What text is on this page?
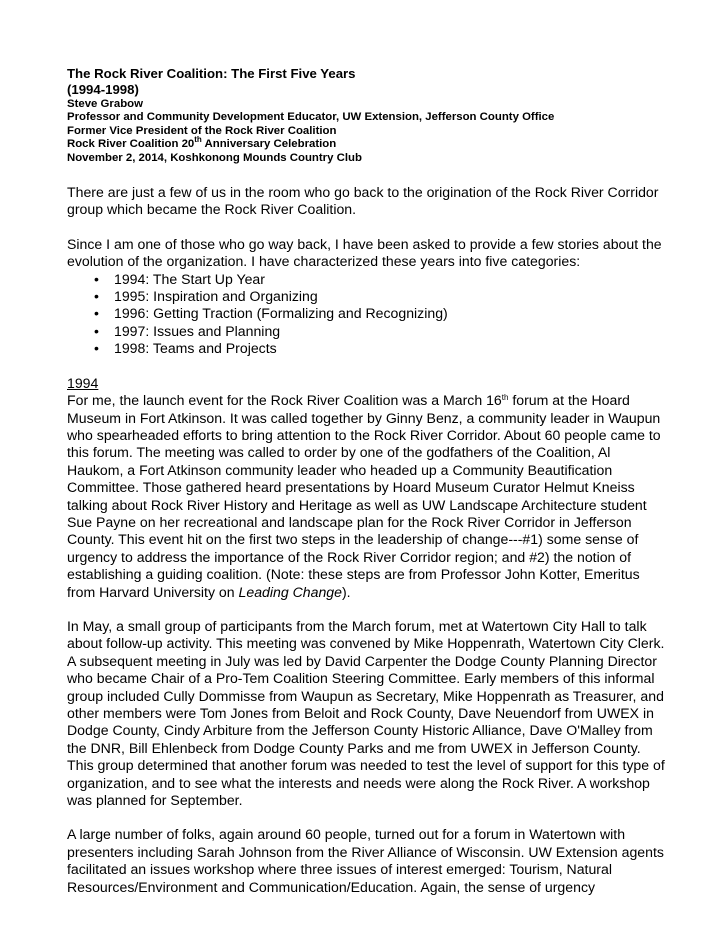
The Rock River Coalition: The First Five Years
(1994-1998)
Steve Grabow
Professor and Community Development Educator, UW Extension, Jefferson County Office
Former Vice President of the Rock River Coalition
Rock River Coalition 20th Anniversary Celebration
November 2, 2014, Koshkonong Mounds Country Club

There are just a few of us in the room who go back to the origination of the Rock River Corridor group which became the Rock River Coalition.

Since I am one of those who go way back, I have been asked to provide a few stories about the evolution of the organization. I have characterized these years into five categories:

• 1994: The Start Up Year
• 1995: Inspiration and Organizing
• 1996: Getting Traction (Formalizing and Recognizing)
• 1997: Issues and Planning
• 1998: Teams and Projects

1994
For me, the launch event for the Rock River Coalition was a March 16th forum at the Hoard Museum in Fort Atkinson. It was called together by Ginny Benz, a community leader in Waupun who spearheaded efforts to bring attention to the Rock River Corridor. About 60 people came to this forum. The meeting was called to order by one of the godfathers of the Coalition, Al Haukom, a Fort Atkinson community leader who headed up a Community Beautification Committee. Those gathered heard presentations by Hoard Museum Curator Helmut Kneiss talking about Rock River History and Heritage as well as UW Landscape Architecture student Sue Payne on her recreational and landscape plan for the Rock River Corridor in Jefferson County. This event hit on the first two steps in the leadership of change---#1) some sense of urgency to address the importance of the Rock River Corridor region; and #2) the notion of establishing a guiding coalition. (Note: these steps are from Professor John Kotter, Emeritus from Harvard University on Leading Change).

In May, a small group of participants from the March forum, met at Watertown City Hall to talk about follow-up activity. This meeting was convened by Mike Hoppenrath, Watertown City Clerk. A subsequent meeting in July was led by David Carpenter the Dodge County Planning Director who became Chair of a Pro-Tem Coalition Steering Committee. Early members of this informal group included Cully Dommisse from Waupun as Secretary, Mike Hoppenrath as Treasurer, and other members were Tom Jones from Beloit and Rock County, Dave Neuendorf from UWEX in Dodge County, Cindy Arbiture from the Jefferson County Historic Alliance, Dave O'Malley from the DNR, Bill Ehlenbeck from Dodge County Parks and me from UWEX in Jefferson County. This group determined that another forum was needed to test the level of support for this type of organization, and to see what the interests and needs were along the Rock River. A workshop was planned for September.

A large number of folks, again around 60 people, turned out for a forum in Watertown with presenters including Sarah Johnson from the River Alliance of Wisconsin. UW Extension agents facilitated an issues workshop where three issues of interest emerged: Tourism, Natural Resources/Environment and Communication/Education. Again, the sense of urgency
